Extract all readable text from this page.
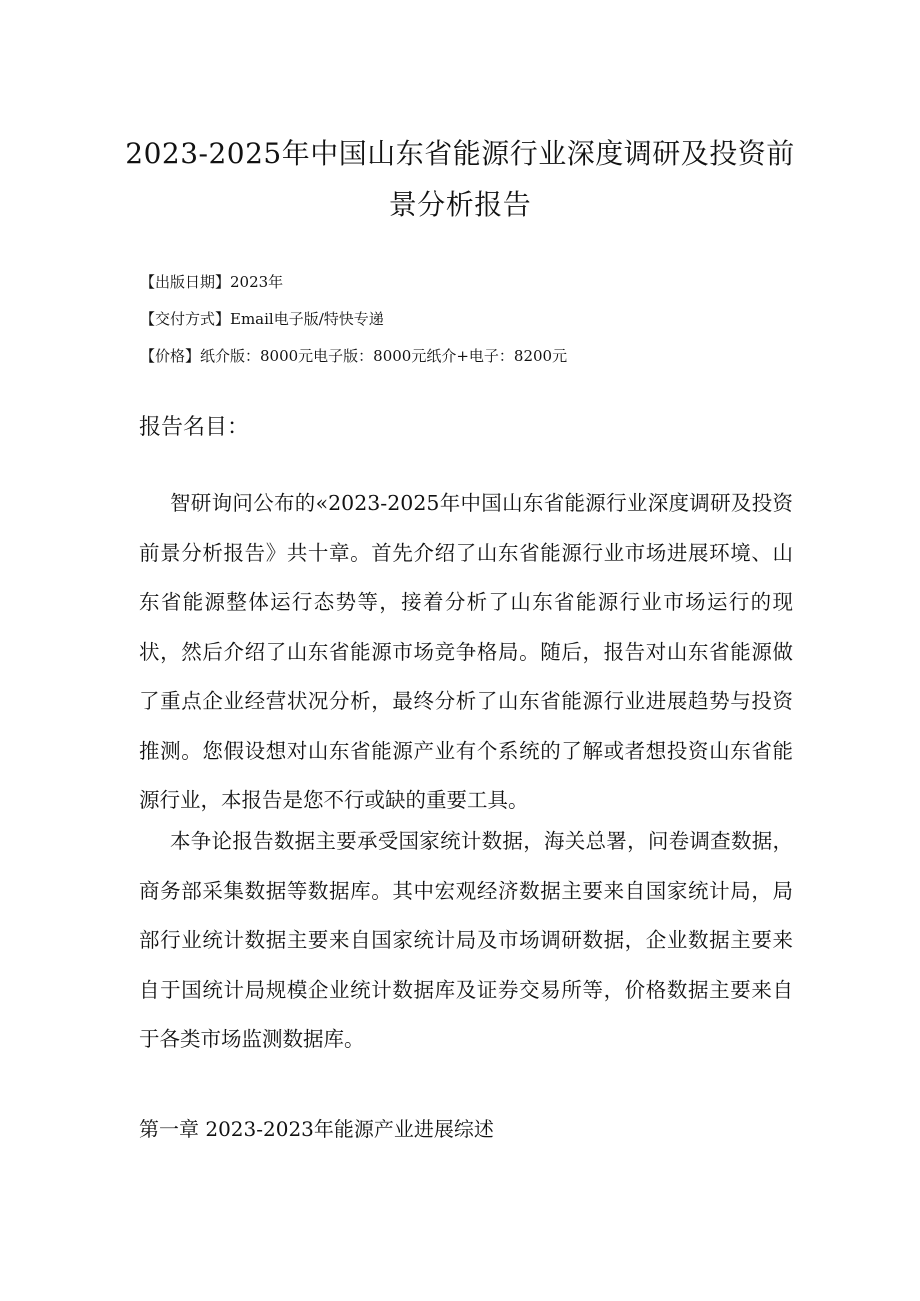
2023-2025年中国山东省能源行业深度调研及投资前
景分析报告
【出版日期】2023年
【交付方式】Email电子版/特快专递
【价格】纸介版：8000元电子版：8000元纸介+电子：8200元
报告名目：

智研询问公布的«2023-2025年中国山东省能源行业深度调研及投资前景分析报告》共十章。首先介绍了山东省能源行业市场进展环境、山东省能源整体运行态势等，接着分析了山东省能源行业市场运行的现状，然后介绍了山东省能源市场竞争格局。随后，报告对山东省能源做了重点企业经营状况分析，最终分析了山东省能源行业进展趋势与投资推测。您假设想对山东省能源产业有个系统的了解或者想投资山东省能源行业，本报告是您不行或缺的重要工具。

本争论报告数据主要承受国家统计数据，海关总署，问卷调查数据，商务部采集数据等数据库。其中宏观经济数据主要来自国家统计局，局部行业统计数据主要来自国家统计局及市场调研数据，企业数据主要来自于国统计局规模企业统计数据库及证券交易所等，价格数据主要来自于各类市场监测数据库。

第一章 2023-2023年能源产业进展综述
